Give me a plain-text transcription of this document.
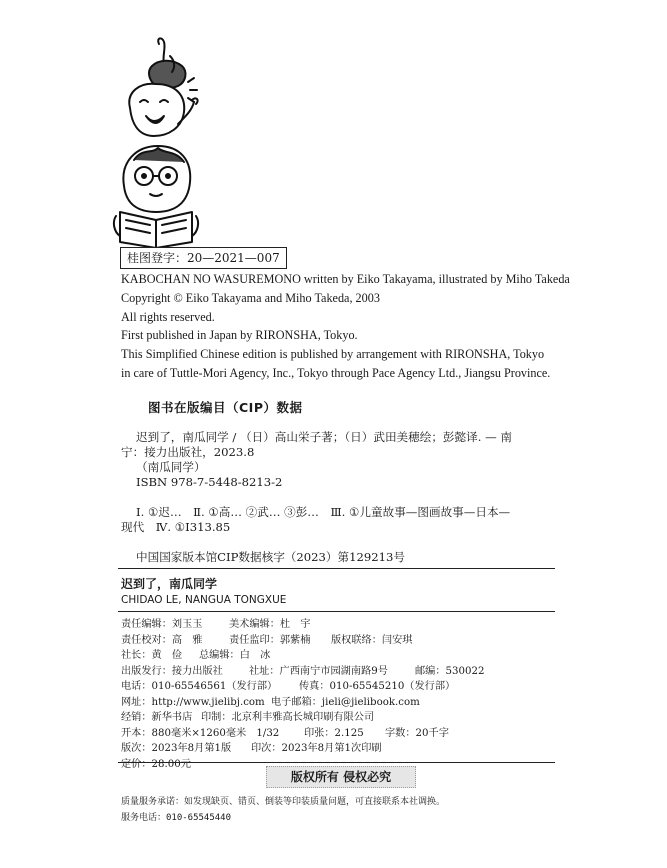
桂图登字：20—2021—007
KABOCHAN NO WASUREMONO written by Eiko Takayama, illustrated by Miho Takeda
Copyright © Eiko Takayama and Miho Takeda, 2003
All rights reserved.
First published in Japan by RIRONSHA, Tokyo.
This Simplified Chinese edition is published by arrangement with RIRONSHA, Tokyo
in care of Tuttle-Mori Agency, Inc., Tokyo through Pace Agency Ltd., Jiangsu Province.
图书在版编目（CIP）数据
迟到了，南瓜同学 / （日）高山栄子著；（日）武田美穂绘；彭懿译. — 南
宁：接力出版社，2023.8
（南瓜同学）
ISBN 978-7-5448-8213-2
Ⅰ. ①迟…　Ⅱ. ①高… ②武… ③彭…　Ⅲ. ①儿童故事—图画故事—日本—
现代　Ⅳ. ①I313.85
中国国家版本馆CIP数据核字（2023）第129213号
迟到了，南瓜同学
CHIDAO LE, NANGUA TONGXUE
责任编辑：刘玉玉	美术编辑：杜　宇
责任校对：高　雅	责任监印：郭紫楠 版权联络：闫安琪
社长：黄　俭 总编辑：白　冰
出版发行：接力出版社	社址：广西南宁市园湖南路9号	邮编：530022
电话：010-65546561（发行部） 传真：010-65545210（发行部）
网址：http://www.jielibj.com 电子邮箱：jieli@jielibook.com
经销：新华书店 印制：北京利丰雅高长城印刷有限公司
开本：880毫米×1260毫米　1/32 印张：2.125 字数：20千字
版次：2023年8月第1版 印次：2023年8月第1次印刷
定价：28.00元
版权所有 侵权必究
质量服务承诺：如发现缺页、错页、倒装等印装质量问题，可直接联系本社调换。
服务电话：010-65545440
